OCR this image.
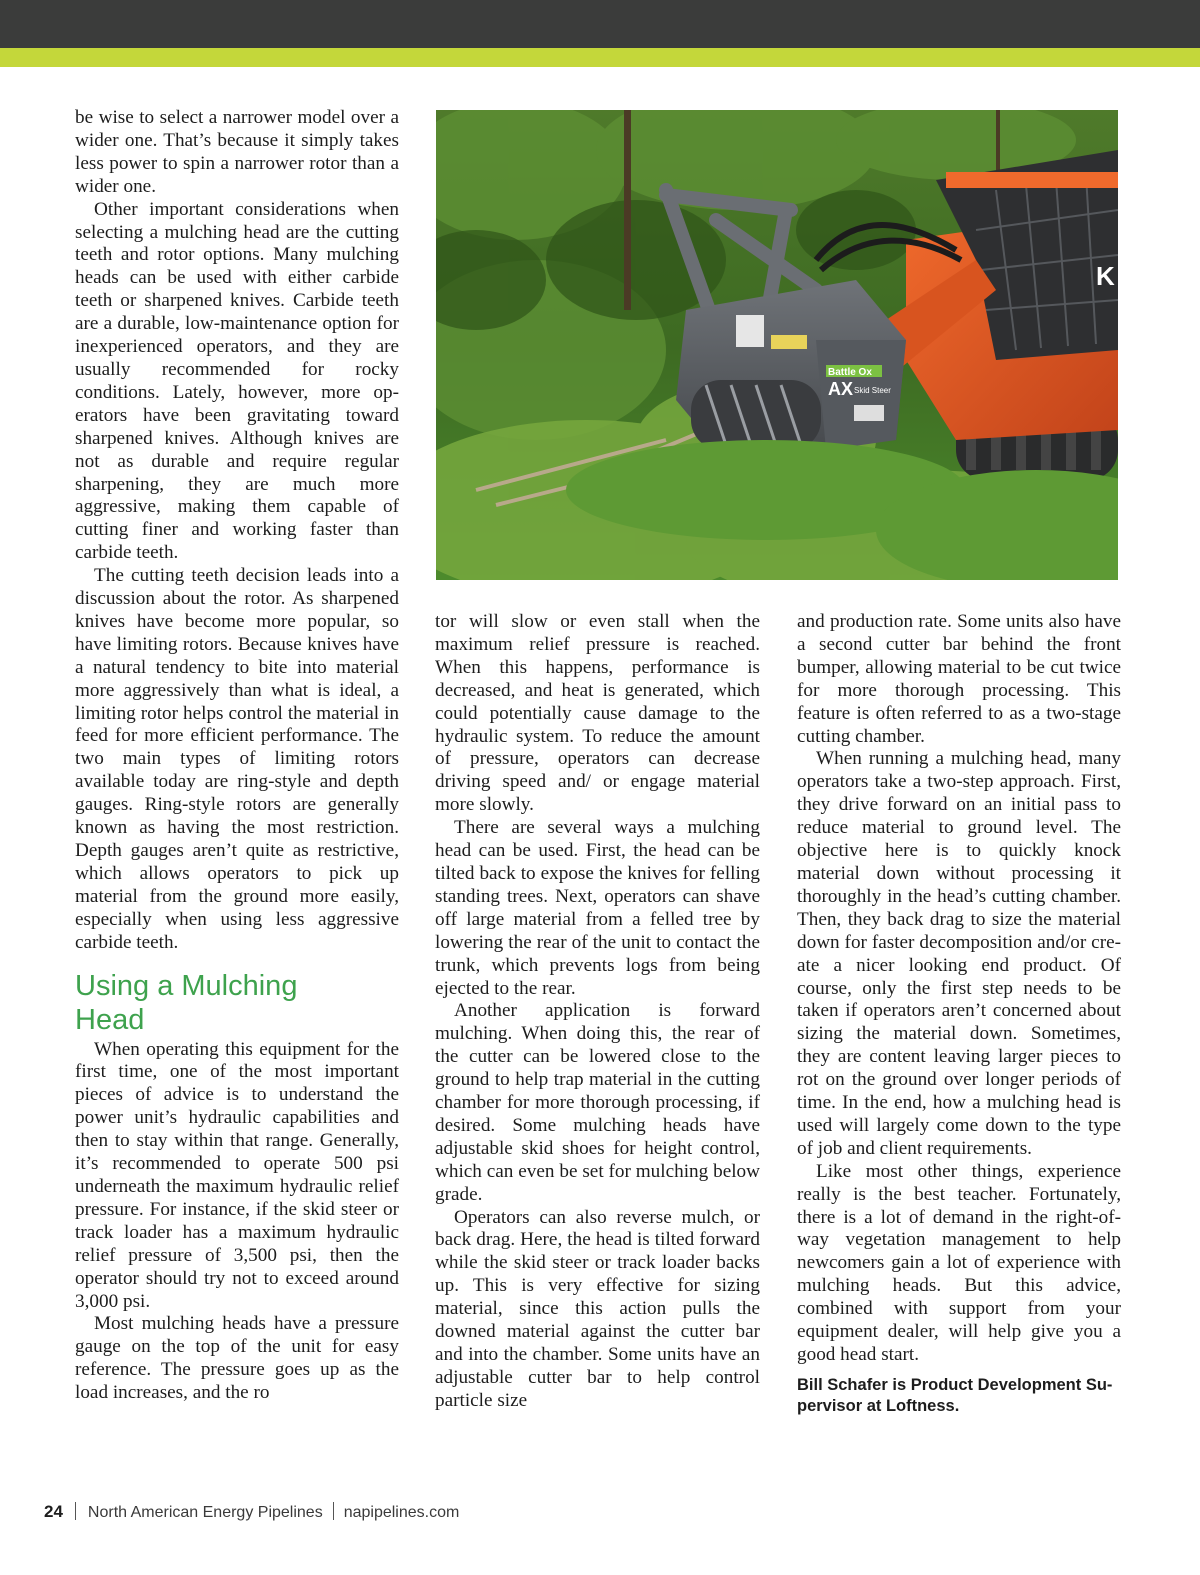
be wise to select a narrower model over a wider one. That’s because it simply takes less power to spin a narrower rotor than a wider one.

Other important considerations when selecting a mulching head are the cutting teeth and rotor options. Many mulching heads can be used with either carbide teeth or sharpened knives. Carbide teeth are a durable, low-maintenance option for inexperienced operators, and they are usually recommended for rocky conditions. Lately, however, more operators have been gravitating toward sharpened knives. Although knives are not as durable and require regular sharpening, they are much more aggressive, making them capable of cutting finer and working faster than carbide teeth.

The cutting teeth decision leads into a discussion about the rotor. As sharpened knives have become more popular, so have limiting rotors. Because knives have a natural tendency to bite into material more aggressively than what is ideal, a limiting rotor helps control the material in feed for more efficient performance. The two main types of limiting rotors available today are ring-style and depth gauges. Ring-style rotors are generally known as having the most restriction. Depth gauges aren’t quite as restrictive, which allows operators to pick up material from the ground more easily, especially when using less aggressive carbide teeth.

Using a Mulching Head

When operating this equipment for the first time, one of the most important pieces of advice is to understand the power unit’s hydraulic capabilities and then to stay within that range. Generally, it’s recommended to operate 500 psi underneath the maximum hydraulic relief pressure. For instance, if the skid steer or track loader has a maximum hydraulic relief pressure of 3,500 psi, then the operator should try not to exceed around 3,000 psi.

Most mulching heads have a pressure gauge on the top of the unit for easy reference. The pressure goes up as the load increases, and the ro

K
Battle Ox
AX Skid Steer

tor will slow or even stall when the maximum relief pressure is reached. When this happens, performance is decreased, and heat is generated, which could potentially cause damage to the hydraulic system. To reduce the amount of pressure, operators can decrease driving speed and/ or engage material more slowly.

There are several ways a mulching head can be used. First, the head can be tilted back to expose the knives for felling standing trees. Next, operators can shave off large material from a felled tree by lowering the rear of the unit to contact the trunk, which prevents logs from being ejected to the rear.

Another application is forward mulching. When doing this, the rear of the cutter can be lowered close to the ground to help trap material in the cutting chamber for more thorough processing, if desired. Some mulching heads have adjustable skid shoes for height control, which can even be set for mulching below grade.

Operators can also reverse mulch, or back drag. Here, the head is tilted forward while the skid steer or track loader backs up. This is very effective for sizing material, since this action pulls the downed material against the cutter bar and into the chamber. Some units have an adjustable cutter bar to help control particle size

and production rate. Some units also have a second cutter bar behind the front bumper, allowing material to be cut twice for more thorough processing. This feature is often referred to as a two-stage cutting chamber.

When running a mulching head, many operators take a two-step approach. First, they drive forward on an initial pass to reduce material to ground level. The objective here is to quickly knock material down without processing it thoroughly in the head’s cutting chamber. Then, they back drag to size the material down for faster decomposition and/or create a nicer looking end product. Of course, only the first step needs to be taken if operators aren’t concerned about sizing the material down. Sometimes, they are content leaving larger pieces to rot on the ground over longer periods of time. In the end, how a mulching head is used will largely come down to the type of job and client requirements.

Like most other things, experience really is the best teacher. Fortunately, there is a lot of demand in the right-of-way vegetation management to help newcomers gain a lot of experience with mulching heads. But this advice, combined with support from your equipment dealer, will help give you a good head start.

Bill Schafer is Product Development Supervisor at Loftness.
24 North American Energy Pipelines napipelines.com
